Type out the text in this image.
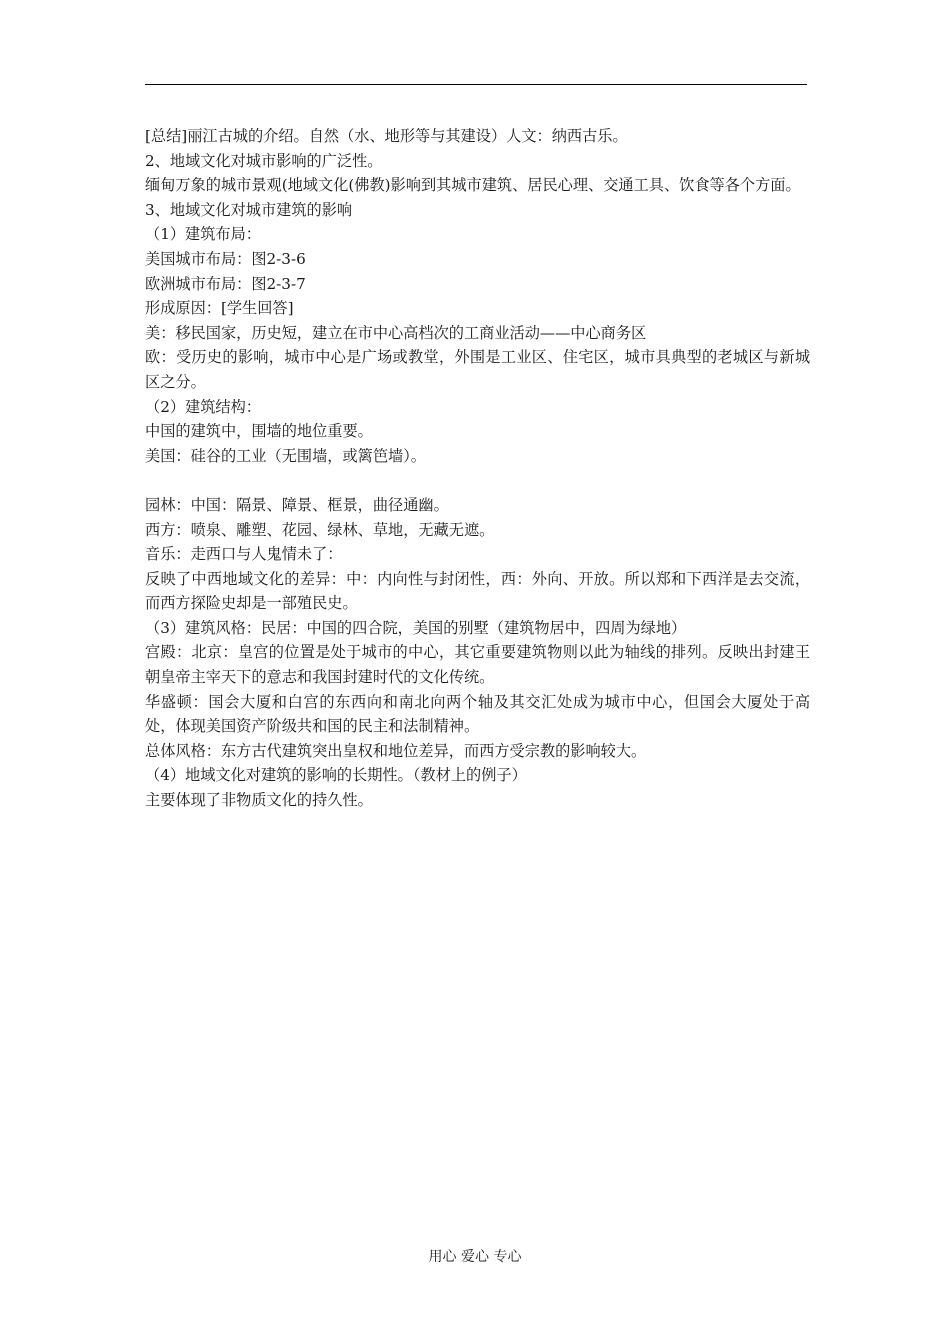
[总结]丽江古城的介绍。自然（水、地形等与其建设）人文：纳西古乐。

2、地域文化对城市影响的广泛性。

缅甸万象的城市景观(地域文化(佛教)影响到其城市建筑、居民心理、交通工具、饮食等各个方面。

3、地域文化对城市建筑的影响

（1）建筑布局：

美国城市布局：图2-3-6

欧洲城市布局：图2-3-7

形成原因：[学生回答]

美：移民国家，历史短，建立在市中心高档次的工商业活动——中心商务区

欧：受历史的影响，城市中心是广场或教堂，外围是工业区、住宅区，城市具典型的老城区与新城区之分。

（2）建筑结构：

中国的建筑中，围墙的地位重要。

美国：硅谷的工业（无围墙，或篱笆墙）。

园林：中国：隔景、障景、框景，曲径通幽。

西方：喷泉、雕塑、花园、绿林、草地，无藏无遮。

音乐：走西口与人鬼情未了：

反映了中西地域文化的差异：中：内向性与封闭性，西：外向、开放。所以郑和下西洋是去交流，而西方探险史却是一部殖民史。

（3）建筑风格：民居：中国的四合院，美国的别墅（建筑物居中，四周为绿地）

宫殿：北京：皇宫的位置是处于城市的中心，其它重要建筑物则以此为轴线的排列。反映出封建王朝皇帝主宰天下的意志和我国封建时代的文化传统。

华盛顿：国会大厦和白宫的东西向和南北向两个轴及其交汇处成为城市中心，但国会大厦处于高处，体现美国资产阶级共和国的民主和法制精神。

总体风格：东方古代建筑突出皇权和地位差异，而西方受宗教的影响较大。

（4）地域文化对建筑的影响的长期性。（教材上的例子）

主要体现了非物质文化的持久性。

用心 爱心 专心
